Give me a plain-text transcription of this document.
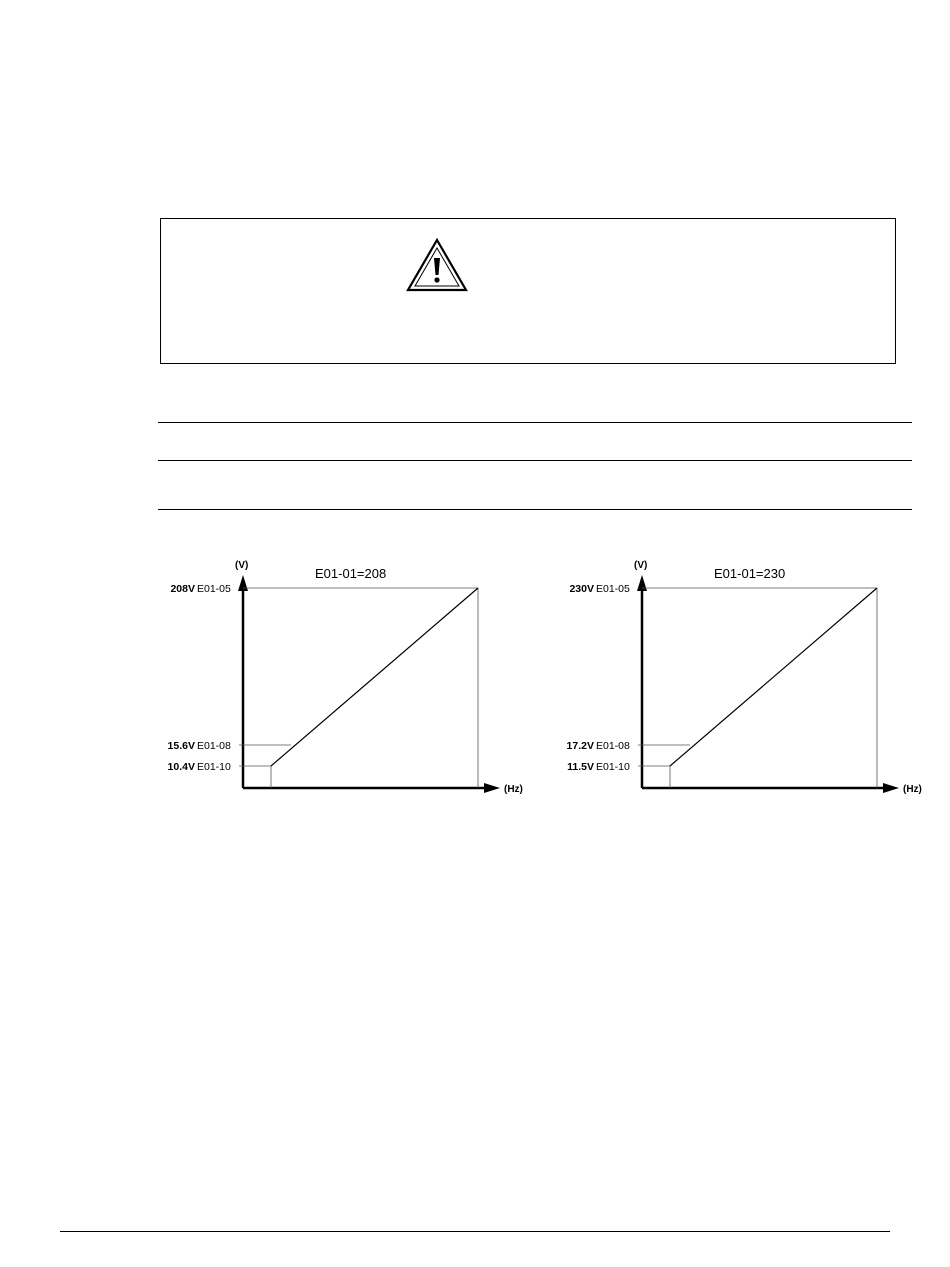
(V)
(Hz)
E01-01=208
E01-10
10.4V
E01-08
15.6V
E01-05
208V
(V)
(Hz)
E01-01=230
E01-10
11.5V
E01-08
17.2V
E01-05
230V
